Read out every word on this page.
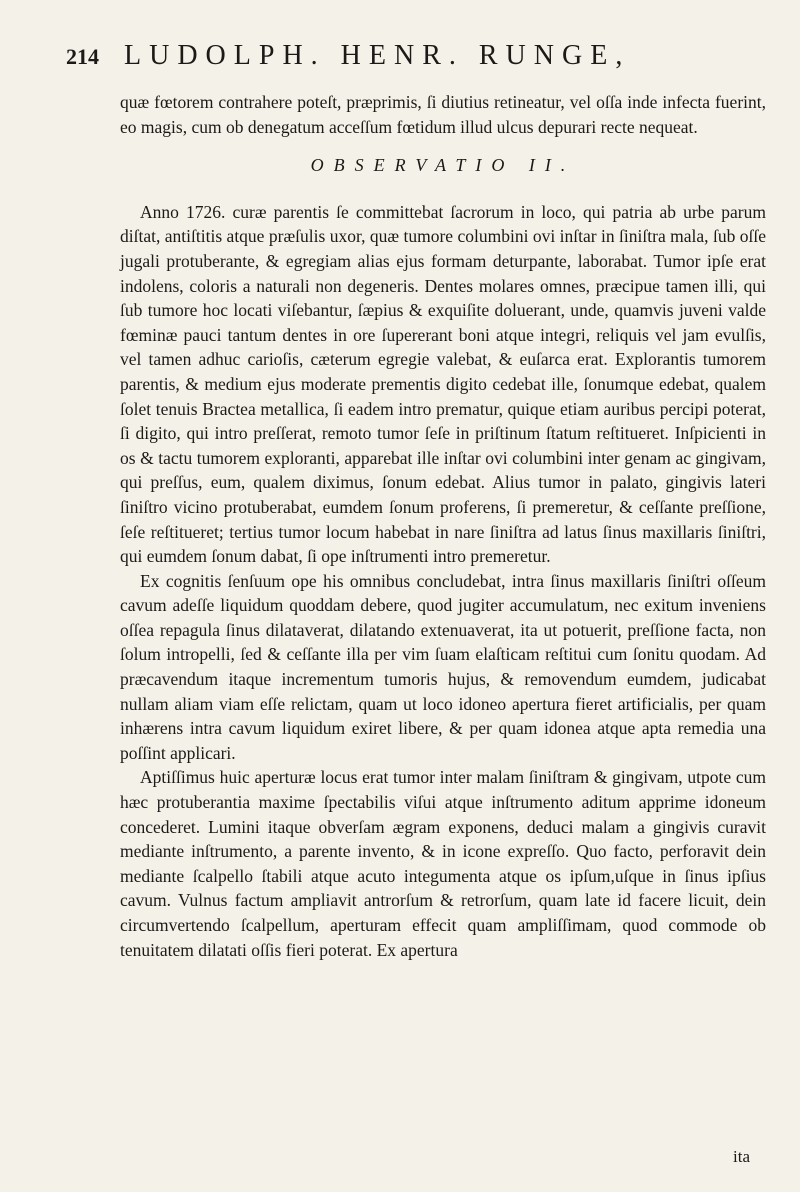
214 LUDOLPH. HENR. RUNGE,

quæ fœtorem contrahere poteſt, præprimis, ſi diutius retineatur, vel oſſa inde infecta fuerint, eo magis, cum ob denegatum acceſſum fœtidum illud ulcus depurari recte nequeat.

OBSERVATIO II.

Anno 1726. curæ parentis ſe committebat ſacrorum in loco, qui patria ab urbe parum diſtat, antiſtitis atque præſulis uxor, quæ tumore columbini ovi inſtar in ſiniſtra mala, ſub oſſe jugali protuberante, & egregiam alias ejus formam deturpante, laborabat. Tumor ipſe erat indolens, coloris a naturali non degeneris. Dentes molares omnes, præcipue tamen illi, qui ſub tumore hoc locati viſebantur, ſæpius & exquiſite doluerant, unde, quamvis juveni valde fœminæ pauci tantum dentes in ore ſupererant boni atque integri, reliquis vel jam evulſis, vel tamen adhuc carioſis, cæterum egregie valebat, & euſarca erat. Explorantis tumorem parentis, & medium ejus moderate prementis digito cedebat ille, ſonumque edebat, qualem ſolet tenuis Bractea metallica, ſi eadem intro prematur, quique etiam auribus percipi poterat, ſi digito, qui intro preſſerat, remoto tumor ſeſe in priſtinum ſtatum reſtitueret. Inſpicienti in os & tactu tumorem exploranti, apparebat ille inſtar ovi columbini inter genam ac gingivam, qui preſſus, eum, qualem diximus, ſonum edebat. Alius tumor in palato, gingivis lateri ſiniſtro vicino protuberabat, eumdem ſonum proferens, ſi premeretur, & ceſſante preſſione, ſeſe reſtitueret; tertius tumor locum habebat in nare ſiniſtra ad latus ſinus maxillaris ſiniſtri, qui eumdem ſonum dabat, ſi ope inſtrumenti intro premeretur.

Ex cognitis ſenſuum ope his omnibus concludebat, intra ſinus maxillaris ſiniſtri oſſeum cavum adeſſe liquidum quoddam debere, quod jugiter accumulatum, nec exitum inveniens oſſea repagula ſinus dilataverat, dilatando extenuaverat, ita ut potuerit, preſſione facta, non ſolum intropelli, ſed & ceſſante illa per vim ſuam elaſticam reſtitui cum ſonitu quodam. Ad præcavendum itaque incrementum tumoris hujus, & removendum eumdem, judicabat nullam aliam viam eſſe relictam, quam ut loco idoneo apertura fieret artificialis, per quam inhærens intra cavum liquidum exiret libere, & per quam idonea atque apta remedia una poſſint applicari.

Aptiſſimus huic aperturæ locus erat tumor inter malam ſiniſtram & gingivam, utpote cum hæc protuberantia maxime ſpectabilis viſui atque inſtrumento aditum apprime idoneum concederet. Lumini itaque obverſam ægram exponens, deduci malam a gingivis curavit mediante inſtrumento, a parente invento, & in icone expreſſo. Quo facto, perforavit dein mediante ſcalpello ſtabili atque acuto integumenta atque os ipſum,uſque in ſinus ipſius cavum. Vulnus factum ampliavit antrorſum & retrorſum, quam late id facere licuit, dein circumvertendo ſcalpellum, aperturam effecit quam ampliſſimam, quod commode ob tenuitatem dilatati oſſis fieri poterat. Ex apertura

ita
